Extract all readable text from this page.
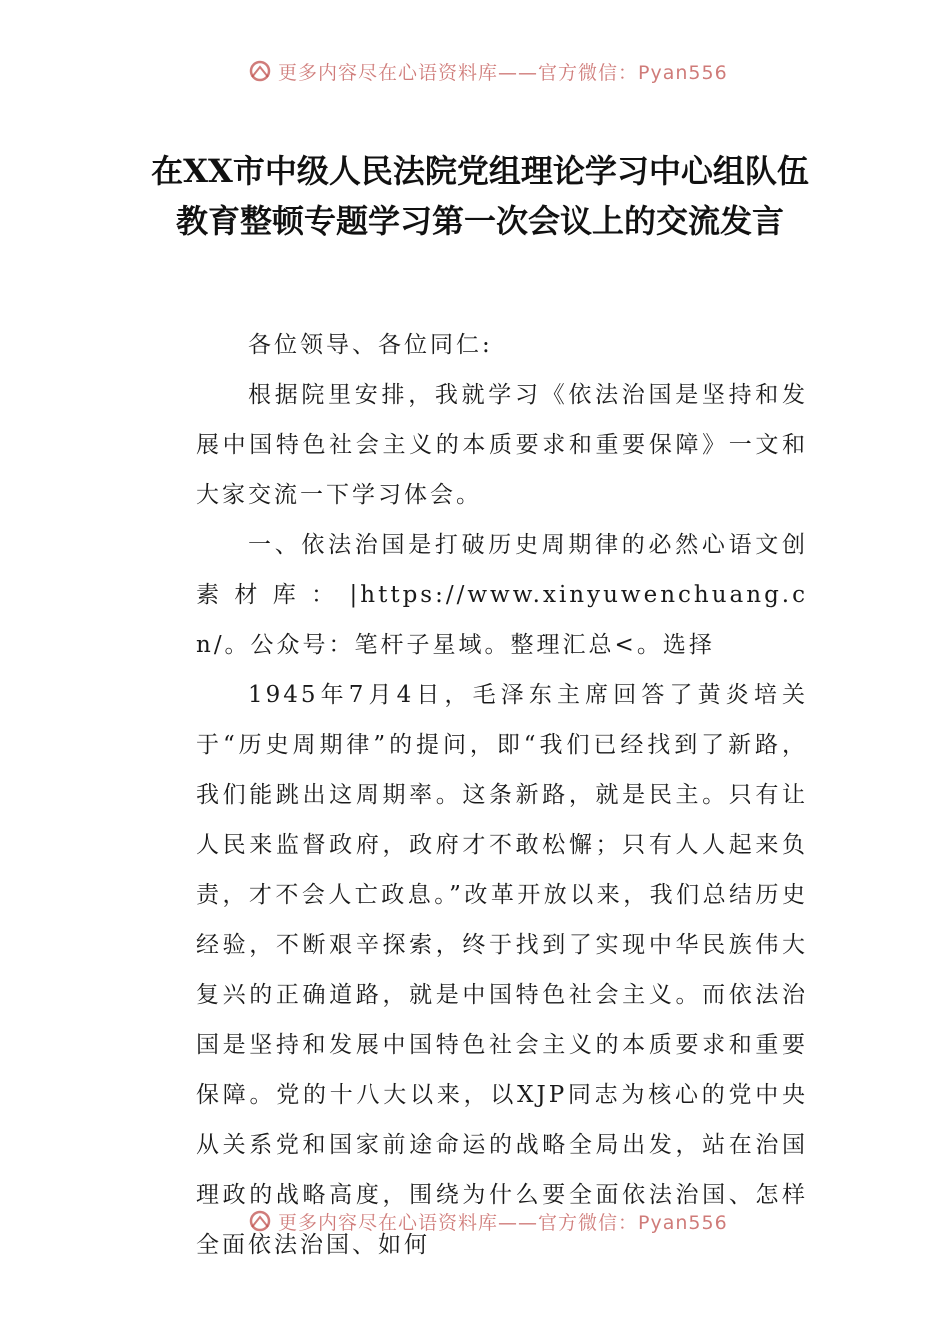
更多内容尽在心语资料库——官方微信：Pyan556
在XX市中级人民法院党组理论学习中心组队伍教育整顿专题学习第一次会议上的交流发言

各位领导、各位同仁:

根据院里安排，我就学习《依法治国是坚持和发展中国特色社会主义的本质要求和重要保障》一文和大家交流一下学习体会。

一、依法治国是打破历史周期律的必然心语文创素材库：|https://www.xinyuwenchuang.cn/。公众号：笔杆子星域。整理汇总<。选择

1945年7月4日，毛泽东主席回答了黄炎培关于“历史周期律”的提问，即“我们已经找到了新路，我们能跳出这周期率。这条新路，就是民主。只有让人民来监督政府，政府才不敢松懈；只有人人起来负责，才不会人亡政息。”改革开放以来，我们总结历史经验，不断艰辛探索，终于找到了实现中华民族伟大复兴的正确道路，就是中国特色社会主义。而依法治国是坚持和发展中国特色社会主义的本质要求和重要保障。党的十八大以来，以XJP同志为核心的党中央从关系党和国家前途命运的战略全局出发，站在治国理政的战略高度，围绕为什么要全面依法治国、怎样全面依法治国、如何

更多内容尽在心语资料库——官方微信：Pyan556
